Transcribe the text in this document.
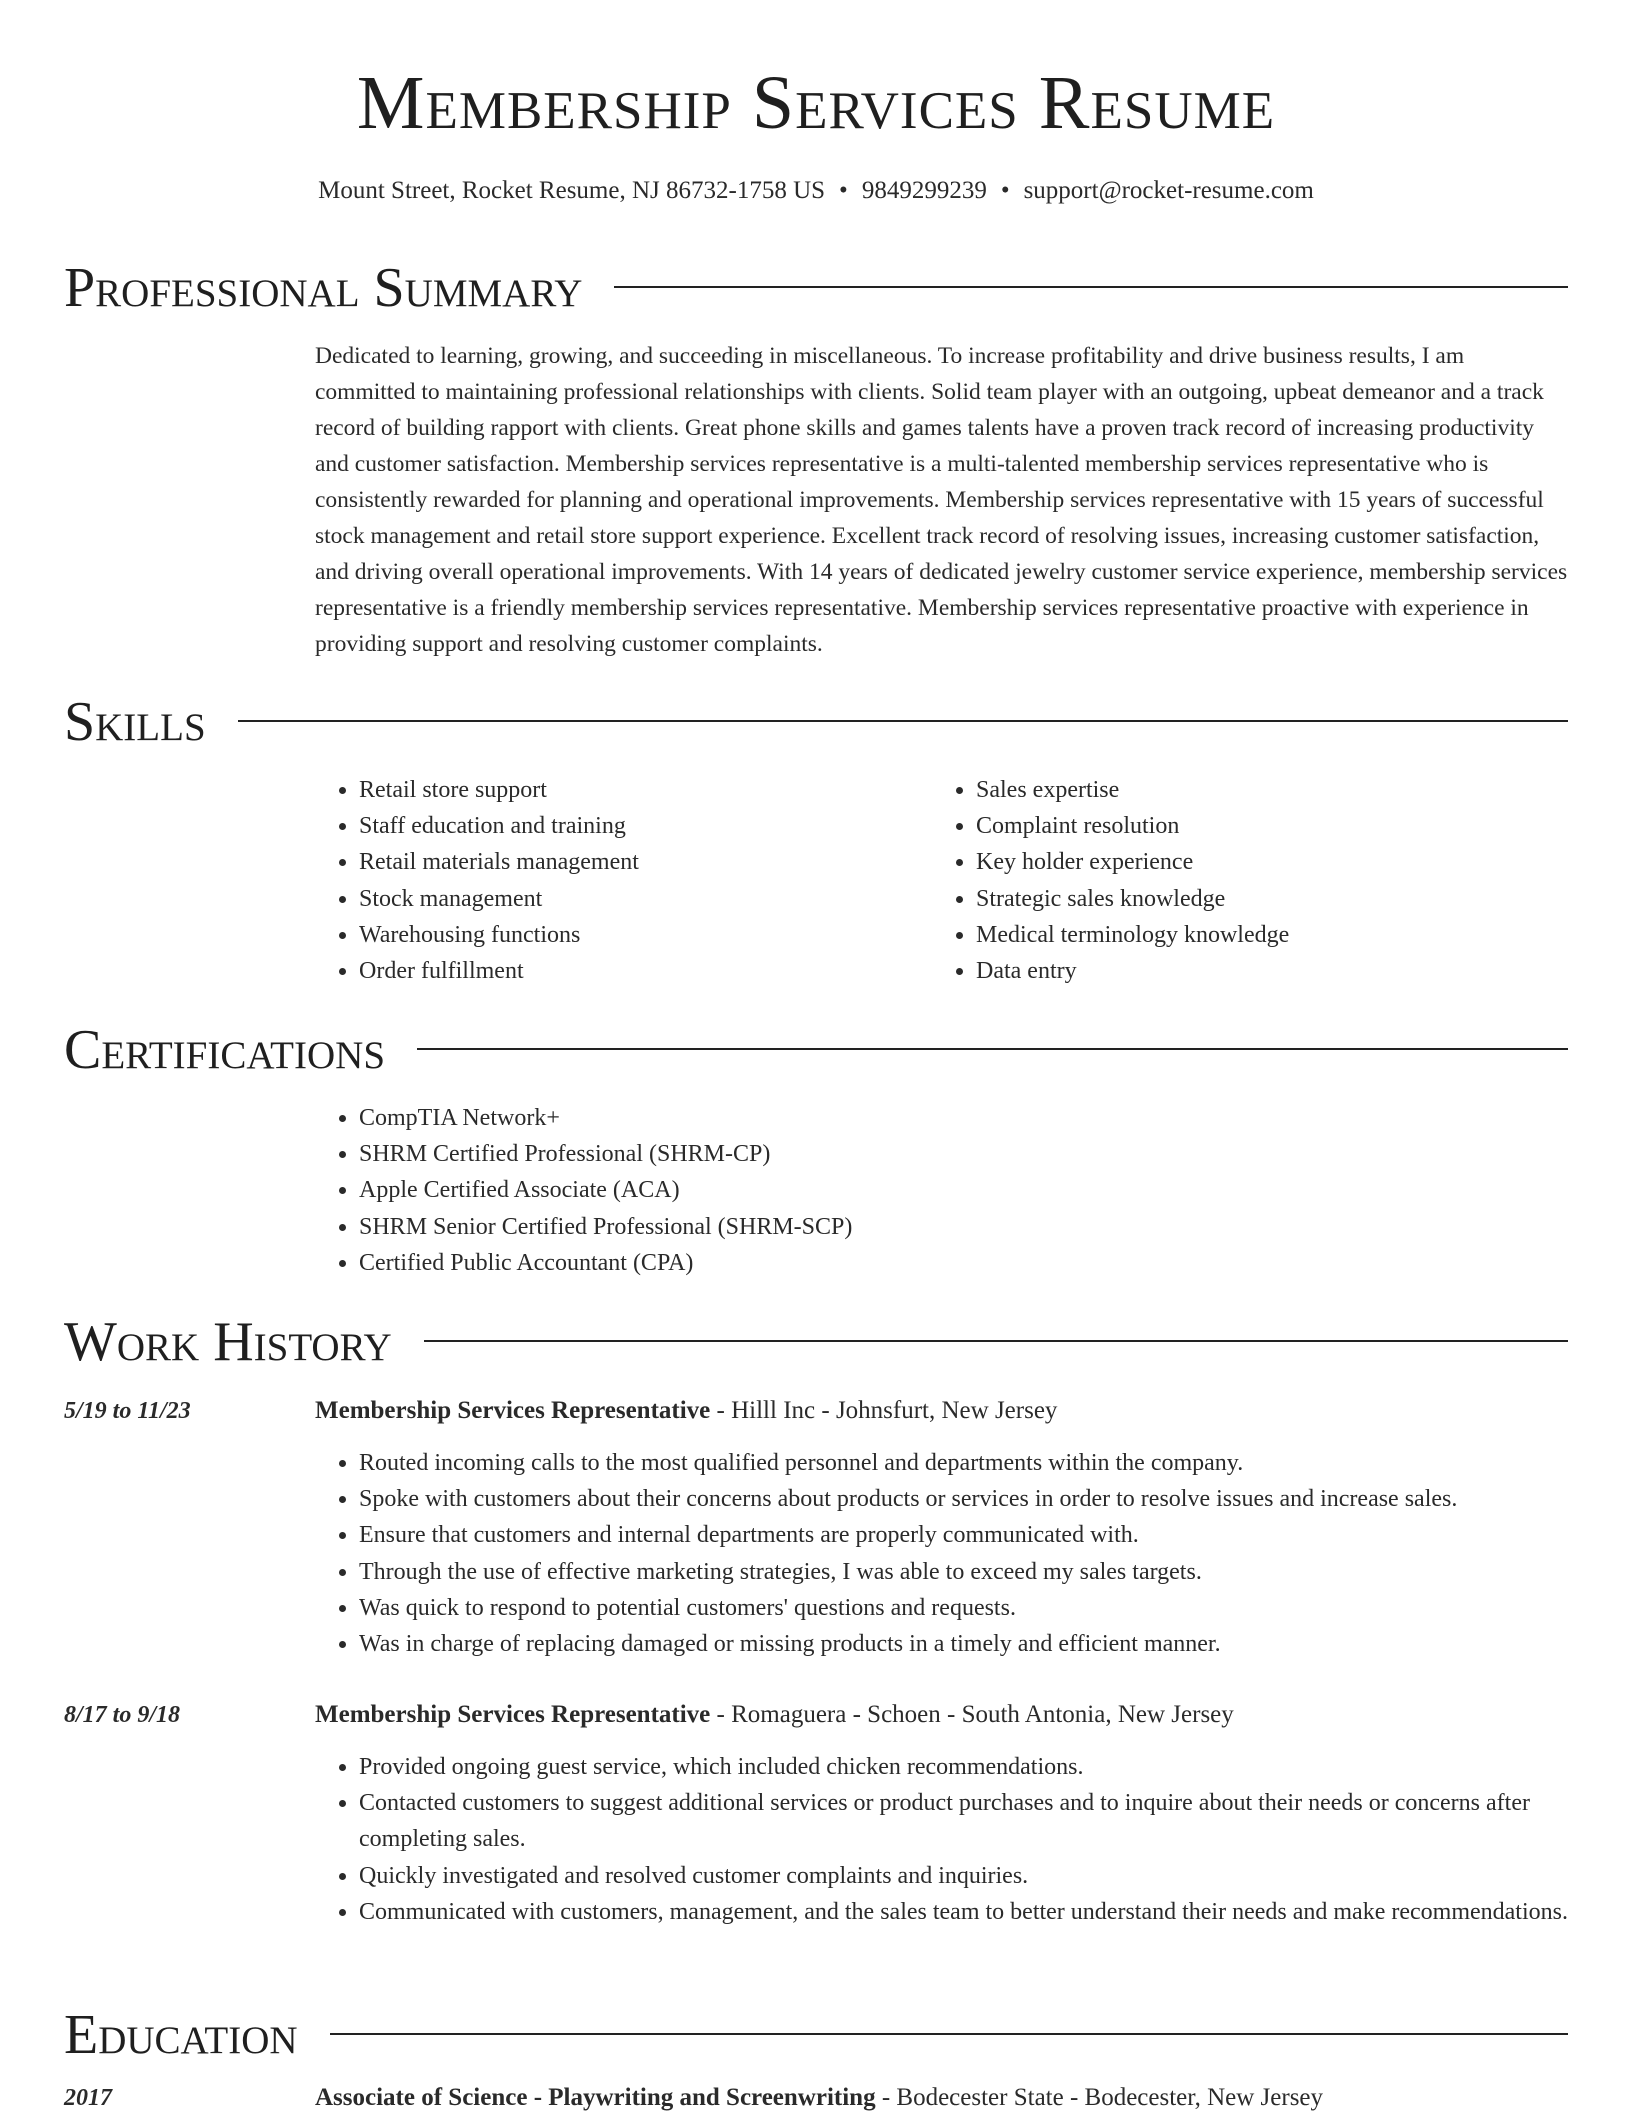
Membership Services Resume
Mount Street, Rocket Resume, NJ 86732-1758 US • 9849299239 • support@rocket-resume.com
Professional Summary

Dedicated to learning, growing, and succeeding in miscellaneous. To increase profitability and drive business results, I am committed to maintaining professional relationships with clients. Solid team player with an outgoing, upbeat demeanor and a track record of building rapport with clients. Great phone skills and games talents have a proven track record of increasing productivity and customer satisfaction. Membership services representative is a multi-talented membership services representative who is consistently rewarded for planning and operational improvements. Membership services representative with 15 years of successful stock management and retail store support experience. Excellent track record of resolving issues, increasing customer satisfaction, and driving overall operational improvements. With 14 years of dedicated jewelry customer service experience, membership services representative is a friendly membership services representative. Membership services representative proactive with experience in providing support and resolving customer complaints.

Skills
• Retail store support
• Staff education and training
• Retail materials management
• Stock management
• Warehousing functions
• Order fulfillment
• Sales expertise
• Complaint resolution
• Key holder experience
• Strategic sales knowledge
• Medical terminology knowledge
• Data entry
Certifications
• CompTIA Network+
• SHRM Certified Professional (SHRM-CP)
• Apple Certified Associate (ACA)
• SHRM Senior Certified Professional (SHRM-SCP)
• Certified Public Accountant (CPA)
Work History
5/19 to 11/23	Membership Services Representative - Hilll Inc - Johnsfurt, New Jersey
• Routed incoming calls to the most qualified personnel and departments within the company.
• Spoke with customers about their concerns about products or services in order to resolve issues and increase sales.
• Ensure that customers and internal departments are properly communicated with.
• Through the use of effective marketing strategies, I was able to exceed my sales targets.
• Was quick to respond to potential customers' questions and requests.
• Was in charge of replacing damaged or missing products in a timely and efficient manner.
8/17 to 9/18	Membership Services Representative - Romaguera - Schoen - South Antonia, New Jersey
• Provided ongoing guest service, which included chicken recommendations.
• Contacted customers to suggest additional services or product purchases and to inquire about their needs or concerns after completing sales.
• Quickly investigated and resolved customer complaints and inquiries.
• Communicated with customers, management, and the sales team to better understand their needs and make recommendations.
Education
2017	Associate of Science - Playwriting and Screenwriting - Bodecester State - Bodecester, New Jersey
